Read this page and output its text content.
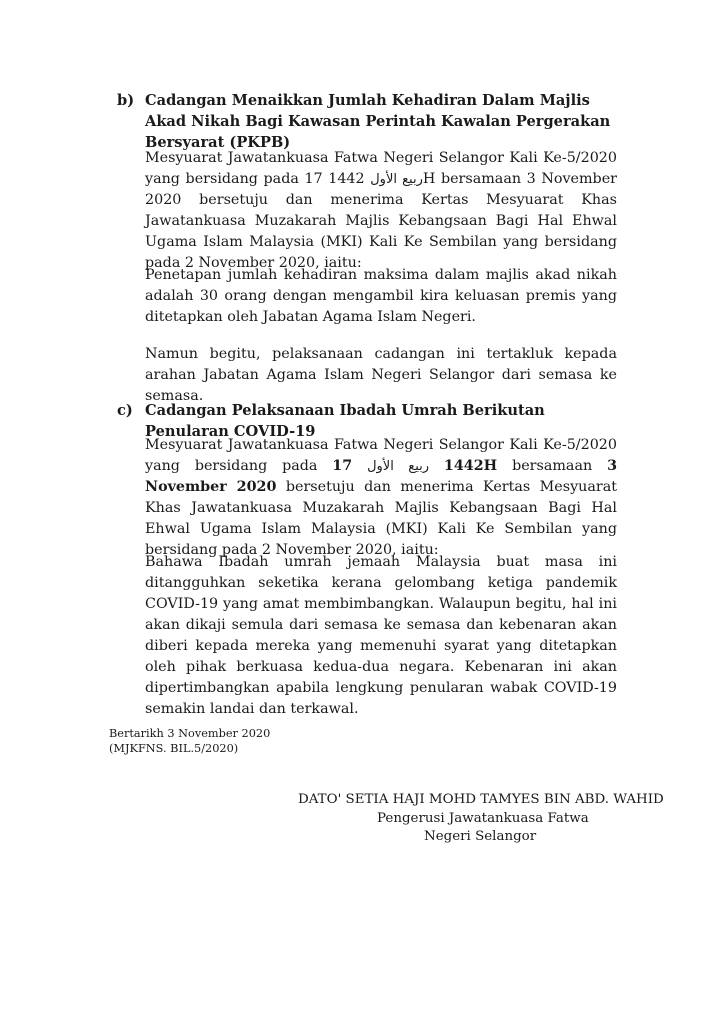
b) Cadangan Menaikkan Jumlah Kehadiran Dalam Majlis Akad Nikah Bagi Kawasan Perintah Kawalan Pergerakan Bersyarat (PKPB)

Mesyuarat Jawatankuasa Fatwa Negeri Selangor Kali Ke-5/2020 yang bersidang pada 17 1442 ربيع الأولH bersamaan 3 November 2020 bersetuju dan menerima Kertas Mesyuarat Khas Jawatankuasa Muzakarah Majlis Kebangsaan Bagi Hal Ehwal Ugama Islam Malaysia (MKI) Kali Ke Sembilan yang bersidang pada 2 November 2020, iaitu:

Penetapan jumlah kehadiran maksima dalam majlis akad nikah adalah 30 orang dengan mengambil kira keluasan premis yang ditetapkan oleh Jabatan Agama Islam Negeri.

Namun begitu, pelaksanaan cadangan ini tertakluk kepada arahan Jabatan Agama Islam Negeri Selangor dari semasa ke semasa.

c) Cadangan Pelaksanaan Ibadah Umrah Berikutan Penularan COVID-19

Mesyuarat Jawatankuasa Fatwa Negeri Selangor Kali Ke-5/2020 yang bersidang pada 17 ربيع الأول 1442H bersamaan 3 November 2020 bersetuju dan menerima Kertas Mesyuarat Khas Jawatankuasa Muzakarah Majlis Kebangsaan Bagi Hal Ehwal Ugama Islam Malaysia (MKI) Kali Ke Sembilan yang bersidang pada 2 November 2020, iaitu:

Bahawa Ibadah umrah jemaah Malaysia buat masa ini ditangguhkan seketika kerana gelombang ketiga pandemik COVID-19 yang amat membimbangkan. Walaupun begitu, hal ini akan dikaji semula dari semasa ke semasa dan kebenaran akan diberi kepada mereka yang memenuhi syarat yang ditetapkan oleh pihak berkuasa kedua-dua negara. Kebenaran ini akan dipertimbangkan apabila lengkung penularan wabak COVID-19 semakin landai dan terkawal.

Bertarikh 3 November 2020
(MJKFNS. BIL.5/2020)
DATO' SETIA HAJI MOHD TAMYES BIN ABD. WAHID
Pengerusi Jawatankuasa Fatwa
Negeri Selangor
